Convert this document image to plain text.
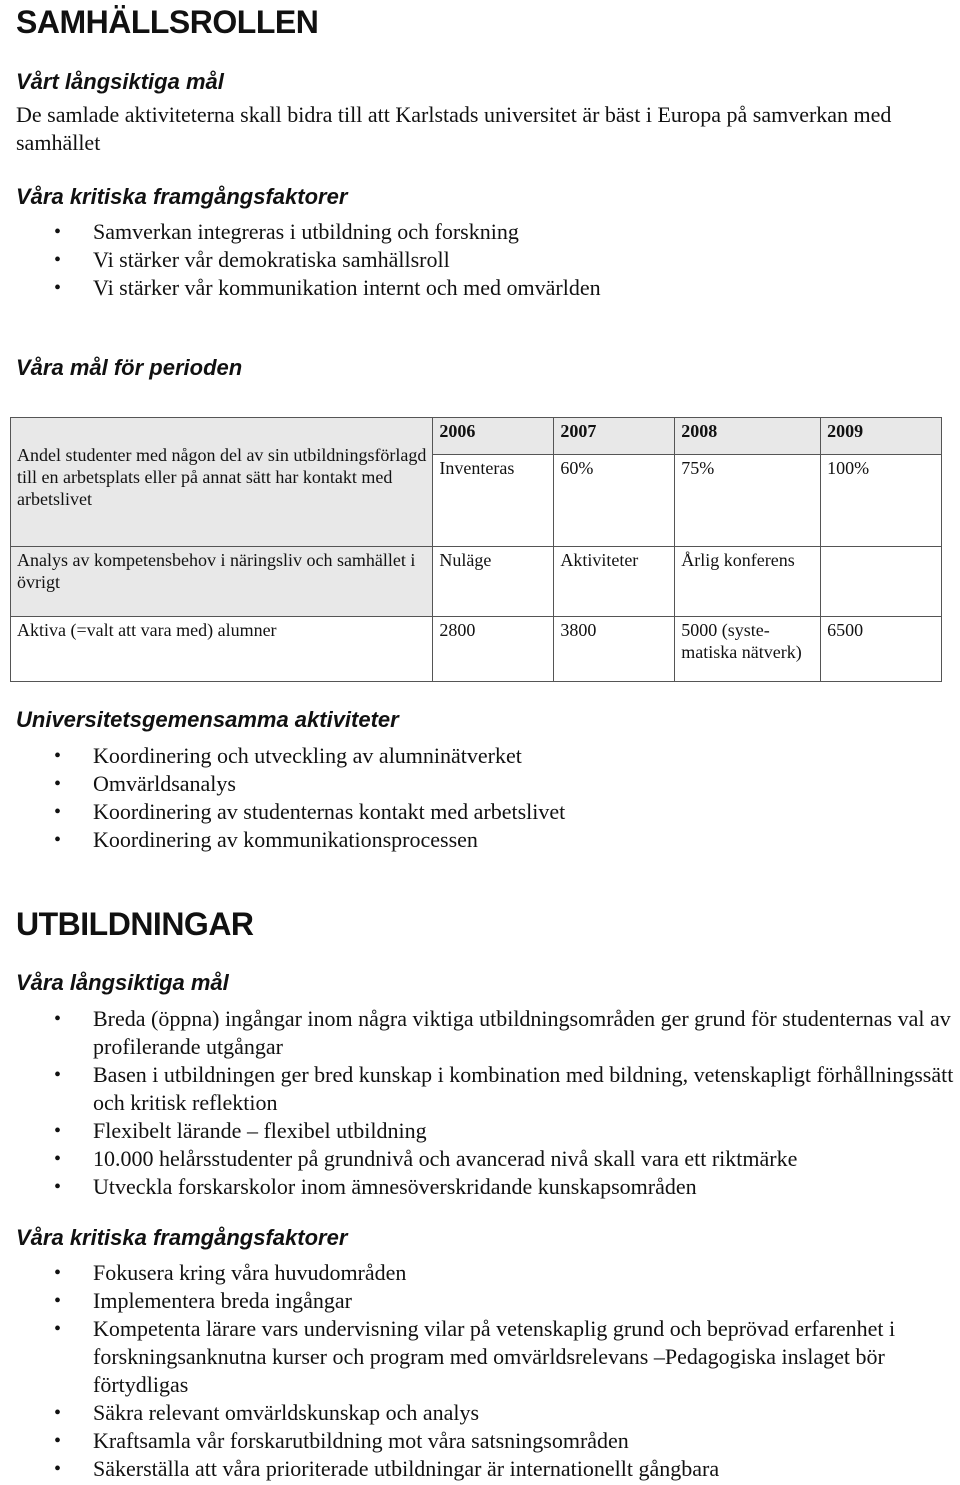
SAMHÄLLSROLLEN
Vårt långsiktiga mål

De samlade aktiviteterna skall bidra till att Karlstads universitet är bäst i Europa på samverkan med samhället

Våra kritiska framgångsfaktorer
• Samverkan integreras i utbildning och forskning
• Vi stärker vår demokratiska samhällsroll
• Vi stärker vår kommunikation internt och med omvärlden
Våra mål för perioden
Andel studenter med någon del av sin utbildningsförlagd till en arbetsplats eller på annat sätt har kontakt med arbetslivet	2006	2007	2008	2009
	Inventeras	60%	75%	100%
Analys av kompetensbehov i näringsliv och samhället i övrigt	Nuläge	Aktiviteter	Årlig konferens	
Aktiva (=valt att vara med) alumner	2800	3800	5000 (syste-matiska nätverk)	6500
Universitetsgemensamma aktiviteter
• Koordinering och utveckling av alumninätverket
• Omvärldsanalys
• Koordinering av studenternas kontakt med arbetslivet
• Koordinering av kommunikationsprocessen
UTBILDNINGAR
Våra långsiktiga mål
• Breda (öppna) ingångar inom några viktiga utbildningsområden ger grund för studenternas val av profilerande utgångar
• Basen i utbildningen ger bred kunskap i kombination med bildning, vetenskapligt förhållningssätt och kritisk reflektion
• Flexibelt lärande – flexibel utbildning
• 10.000 helårsstudenter på grundnivå och avancerad nivå skall vara ett riktmärke
• Utveckla forskarskolor inom ämnesöverskridande kunskapsområden
Våra kritiska framgångsfaktorer
• Fokusera kring våra huvudområden
• Implementera breda ingångar
• Kompetenta lärare vars undervisning vilar på vetenskaplig grund och beprövad erfarenhet i forskningsanknutna kurser och program med omvärldsrelevans –Pedagogiska inslaget bör förtydligas
• Säkra relevant omvärldskunskap och analys
• Kraftsamla vår forskarutbildning mot våra satsningsområden
• Säkerställa att våra prioriterade utbildningar är internationellt gångbara
